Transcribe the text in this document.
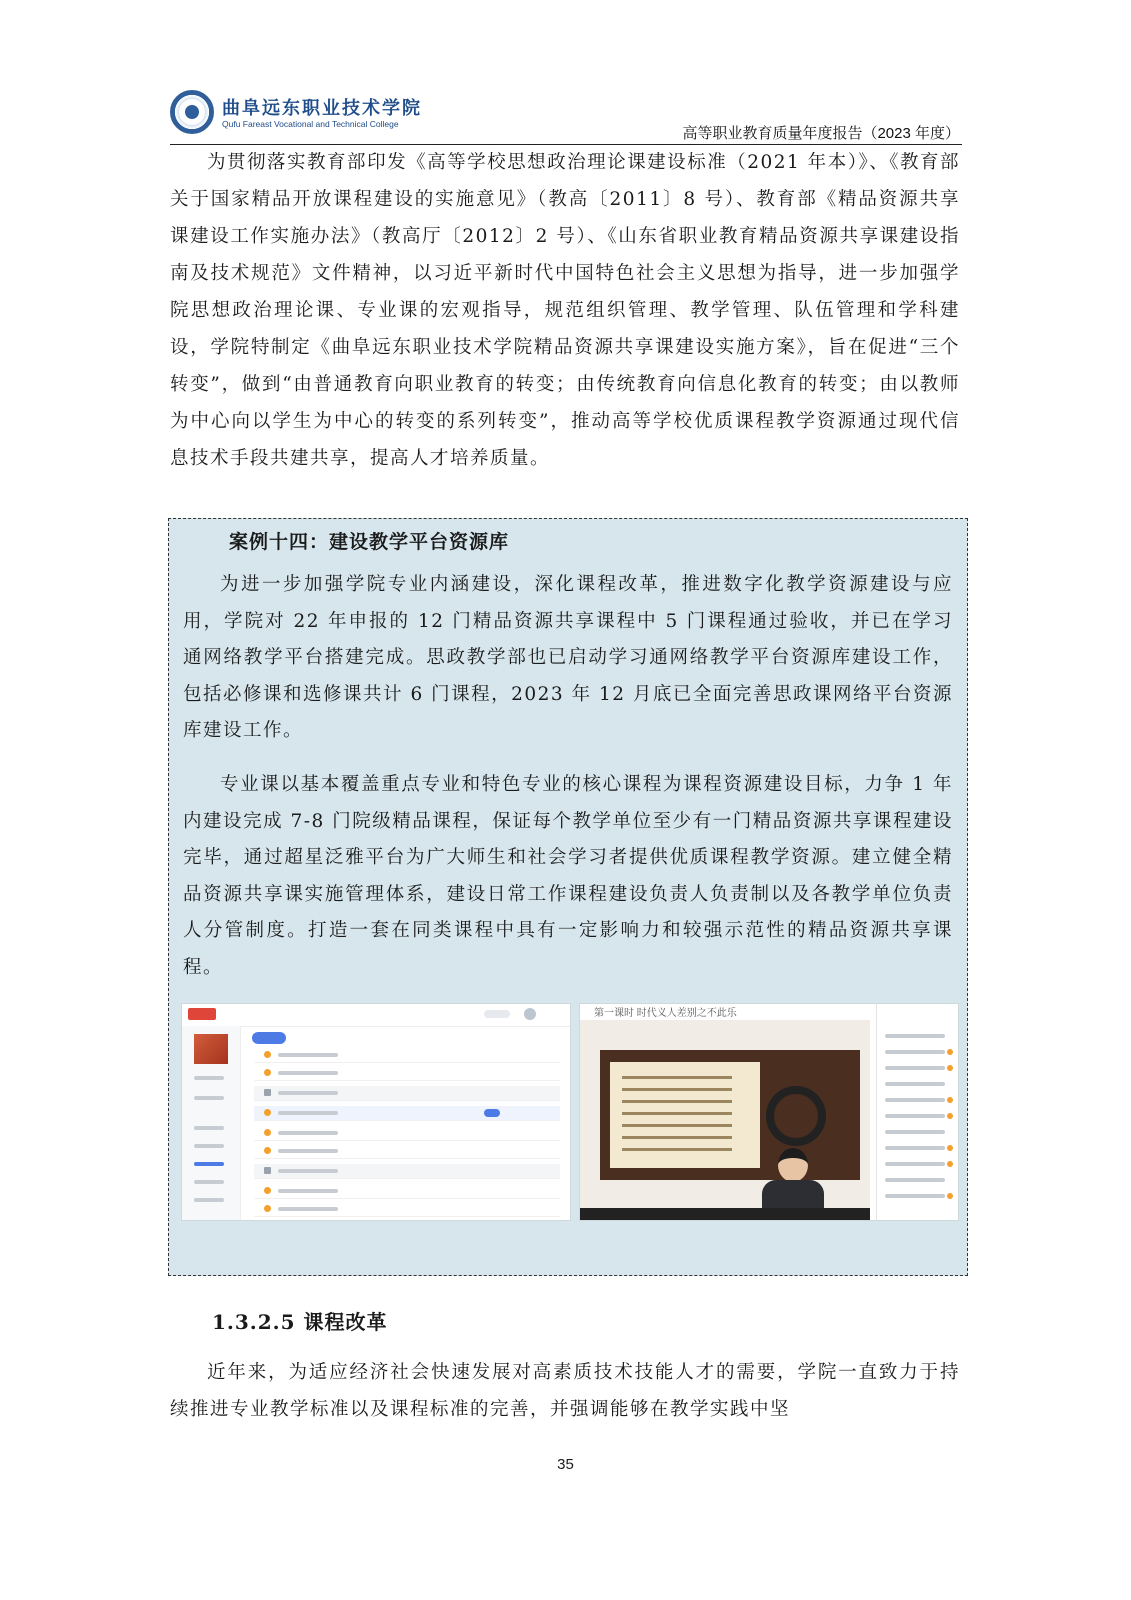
曲阜远东职业技术学院
Qufu Fareast Vocational and Technical College
高等职业教育质量年度报告（2023 年度）

为贯彻落实教育部印发《高等学校思想政治理论课建设标准（2021 年本）》、《教育部关于国家精品开放课程建设的实施意见》（教高〔2011〕8 号）、教育部《精品资源共享课建设工作实施办法》（教高厅〔2012〕2 号）、《山东省职业教育精品资源共享课建设指南及技术规范》文件精神，以习近平新时代中国特色社会主义思想为指导，进一步加强学院思想政治理论课、专业课的宏观指导，规范组织管理、教学管理、队伍管理和学科建设，学院特制定《曲阜远东职业技术学院精品资源共享课建设实施方案》，旨在促进“三个转变”，做到“由普通教育向职业教育的转变；由传统教育向信息化教育的转变；由以教师为中心向以学生为中心的转变的系列转变”，推动高等学校优质课程教学资源通过现代信息技术手段共建共享，提高人才培养质量。

案例十四：建设教学平台资源库

为进一步加强学院专业内涵建设，深化课程改革，推进数字化教学资源建设与应用，学院对 22 年申报的 12 门精品资源共享课程中 5 门课程通过验收，并已在学习通网络教学平台搭建完成。思政教学部也已启动学习通网络教学平台资源库建设工作，包括必修课和选修课共计 6 门课程，2023 年 12 月底已全面完善思政课网络平台资源库建设工作。

专业课以基本覆盖重点专业和特色专业的核心课程为课程资源建设目标，力争 1 年内建设完成 7-8 门院级精品课程，保证每个教学单位至少有一门精品资源共享课程建设完毕，通过超星泛雅平台为广大师生和社会学习者提供优质课程教学资源。建立健全精品资源共享课实施管理体系，建设日常工作课程建设负责人负责制以及各教学单位负责人分管制度。打造一套在同类课程中具有一定影响力和较强示范性的精品资源共享课程。

第一课时 时代义人差别之不此乐

1.3.2.5 课程改革

近年来，为适应经济社会快速发展对高素质技术技能人才的需要，学院一直致力于持续推进专业教学标准以及课程标准的完善，并强调能够在教学实践中坚

35
